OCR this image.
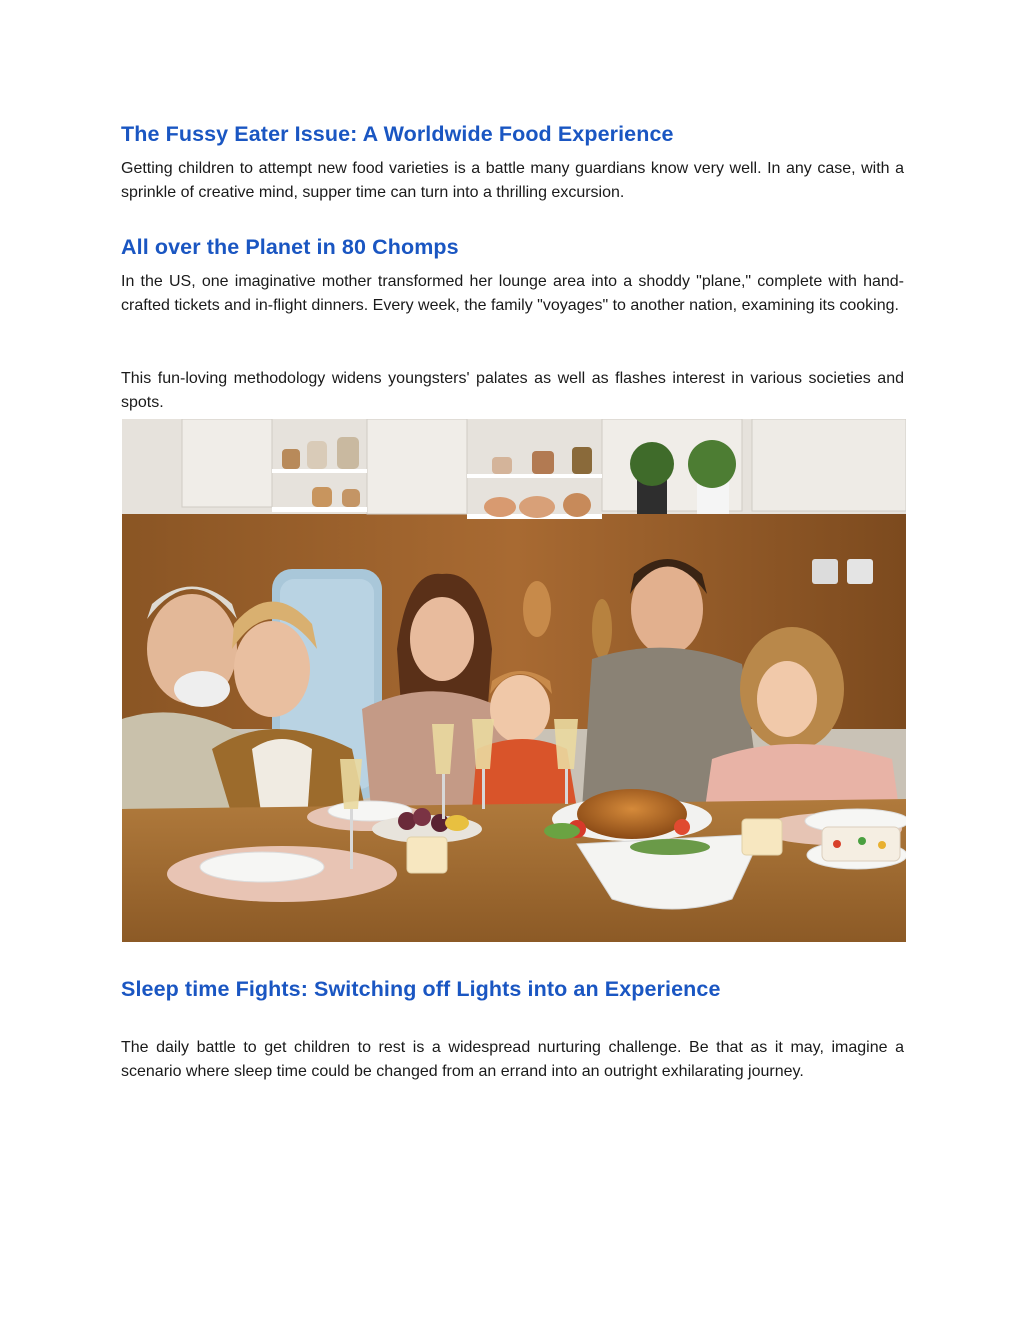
The Fussy Eater Issue: A Worldwide Food Experience

Getting children to attempt new food varieties is a battle many guardians know very well. In any case, with a sprinkle of creative mind, supper time can turn into a thrilling excursion.

All over the Planet in 80 Chomps

In the US, one imaginative mother transformed her lounge area into a shoddy "plane," complete with hand-crafted tickets and in-flight dinners. Every week, the family "voyages" to another nation, examining its cooking.

This fun-loving methodology widens youngsters' palates as well as flashes interest in various societies and spots.

Sleep time Fights: Switching off Lights into an Experience

The daily battle to get children to rest is a widespread nurturing challenge. Be that as it may, imagine a scenario where sleep time could be changed from an errand into an outright exhilarating journey.
